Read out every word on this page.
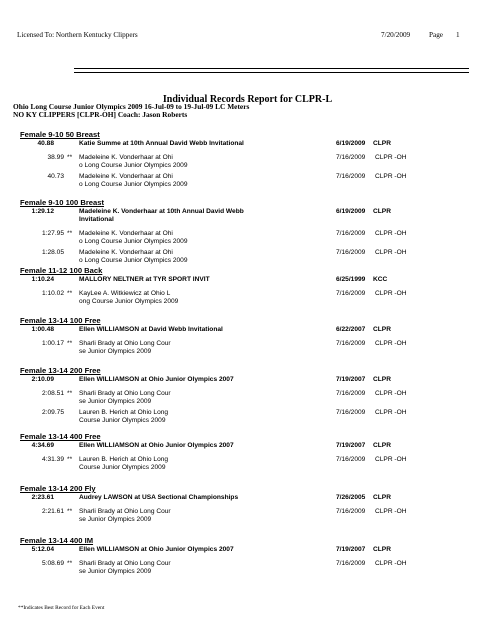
Licensed To: Northern Kentucky Clippers	7/20/2009	Page 1
Individual Records Report for CLPR-L
Ohio Long Course Junior Olympics 2009 16-Jul-09 to 19-Jul-09 LC Meters
NO KY CLIPPERS [CLPR-OH] Coach: Jason Roberts
Female 9-10 50 Breast
40.88	Katie Summe at 10th Annual David Webb Invitational	6/19/2009 CLPR
38.99 ** Madeleine K. Vonderhaar at Ohi	7/16/2009 CLPR -OH
o Long Course Junior Olympics 2009
40.73 Madeleine K. Vonderhaar at Ohi	7/16/2009 CLPR -OH
o Long Course Junior Olympics 2009
Female 9-10 100 Breast
1:29.12	Madeleine K. Vonderhaar at 10th Annual David Webb	6/19/2009 CLPR
Invitational
1:27.95 ** Madeleine K. Vonderhaar at Ohi	7/16/2009 CLPR -OH
o Long Course Junior Olympics 2009
1:28.05 Madeleine K. Vonderhaar at Ohi	7/16/2009 CLPR -OH
o Long Course Junior Olympics 2009
Female 11-12 100 Back
1:10.24	MALLORY NELTNER at TYR SPORT INVIT	6/25/1999 KCC
1:10.02 ** KayLee A. Witkiewicz at Ohio L	7/16/2009 CLPR -OH
ong Course Junior Olympics 2009
Female 13-14 100 Free
1:00.48	Ellen WILLIAMSON at David Webb Invitational	6/22/2007 CLPR
1:00.17 ** Sharli Brady at Ohio Long Cour	7/16/2009 CLPR -OH
se Junior Olympics 2009
Female 13-14 200 Free
2:10.09	Ellen WILLIAMSON at Ohio Junior Olympics 2007	7/19/2007 CLPR
2:08.51 ** Sharli Brady at Ohio Long Cour	7/16/2009 CLPR -OH
se Junior Olympics 2009
2:09.75 Lauren B. Herich at Ohio Long	7/16/2009 CLPR -OH
Course Junior Olympics 2009
Female 13-14 400 Free
4:34.69	Ellen WILLIAMSON at Ohio Junior Olympics 2007	7/19/2007 CLPR
4:31.39 ** Lauren B. Herich at Ohio Long	7/16/2009 CLPR -OH
Course Junior Olympics 2009
Female 13-14 200 Fly
2:23.61	Audrey LAWSON at USA Sectional Championships	7/26/2005 CLPR
2:21.61 ** Sharli Brady at Ohio Long Cour	7/16/2009 CLPR -OH
se Junior Olympics 2009
Female 13-14 400 IM
5:12.04	Ellen WILLIAMSON at Ohio Junior Olympics 2007	7/19/2007 CLPR
5:08.69 ** Sharli Brady at Ohio Long Cour	7/16/2009 CLPR -OH
se Junior Olympics 2009
**Indicates Best Record for Each Event
